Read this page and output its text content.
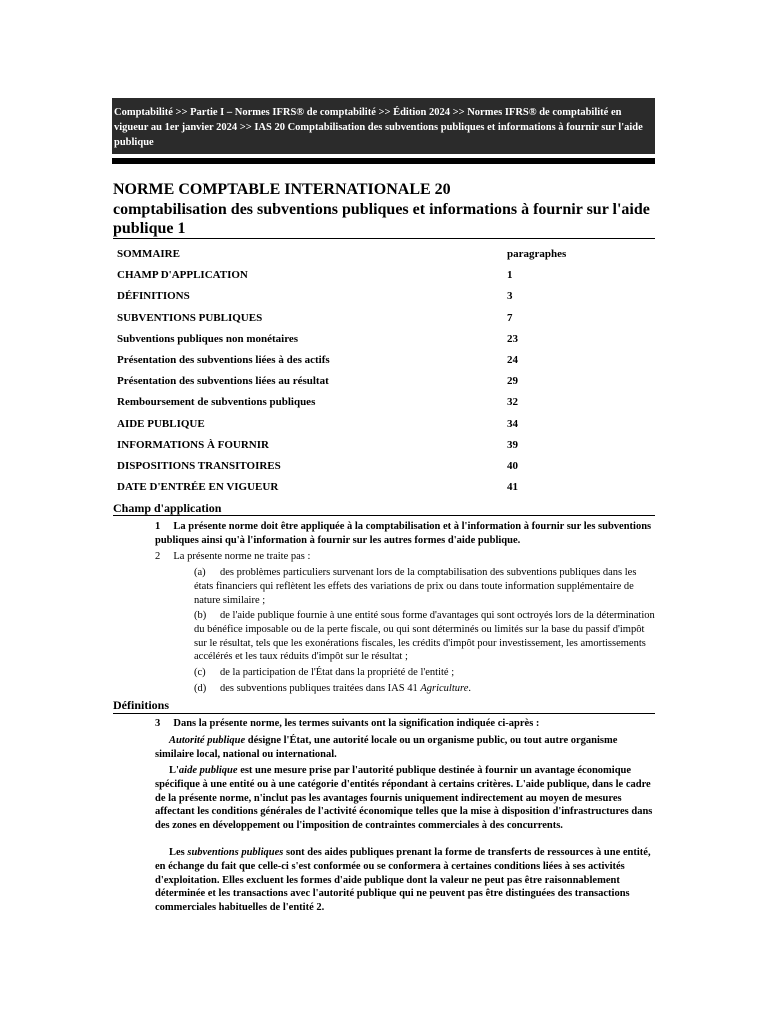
Comptabilité >> Partie I – Normes IFRS® de comptabilité >> Édition 2024 >> Normes IFRS® de comptabilité en vigueur au 1er janvier 2024 >> IAS 20 Comptabilisation des subventions publiques et informations à fournir sur l'aide publique
NORME COMPTABLE INTERNATIONALE 20
comptabilisation des subventions publiques et informations à fournir sur l'aide publique 1
SOMMAIRE	paragraphes
CHAMP D'APPLICATION	1
DÉFINITIONS	3
SUBVENTIONS PUBLIQUES	7
Subventions publiques non monétaires	23
Présentation des subventions liées à des actifs	24
Présentation des subventions liées au résultat	29
Remboursement de subventions publiques	32
AIDE PUBLIQUE	34
INFORMATIONS À FOURNIR	39
DISPOSITIONS TRANSITOIRES	40
DATE D'ENTRÉE EN VIGUEUR	41
Champ d'application
1 La présente norme doit être appliquée à la comptabilisation et à l'information à fournir sur les subventions publiques ainsi qu'à l'information à fournir sur les autres formes d'aide publique.
2 La présente norme ne traite pas :
(a) des problèmes particuliers survenant lors de la comptabilisation des subventions publiques dans les états financiers qui reflètent les effets des variations de prix ou dans toute information supplémentaire de nature similaire ;
(b) de l'aide publique fournie à une entité sous forme d'avantages qui sont octroyés lors de la détermination du bénéfice imposable ou de la perte fiscale, ou qui sont déterminés ou limités sur la base du passif d'impôt sur le résultat, tels que les exonérations fiscales, les crédits d'impôt pour investissement, les amortissements accélérés et les taux réduits d'impôt sur le résultat ;
(c) de la participation de l'État dans la propriété de l'entité ;
(d) des subventions publiques traitées dans IAS 41 Agriculture.
Définitions
3 Dans la présente norme, les termes suivants ont la signification indiquée ci-après :
Autorité publique désigne l'État, une autorité locale ou un organisme public, ou tout autre organisme similaire local, national ou international.
L'aide publique est une mesure prise par l'autorité publique destinée à fournir un avantage économique spécifique à une entité ou à une catégorie d'entités répondant à certains critères. L'aide publique, dans le cadre de la présente norme, n'inclut pas les avantages fournis uniquement indirectement au moyen de mesures affectant les conditions générales de l'activité économique telles que la mise à disposition d'infrastructures dans des zones en développement ou l'imposition de contraintes commerciales à des concurrents.
Les subventions publiques sont des aides publiques prenant la forme de transferts de ressources à une entité, en échange du fait que celle-ci s'est conformée ou se conformera à certaines conditions liées à ses activités d'exploitation. Elles excluent les formes d'aide publique dont la valeur ne peut pas être raisonnablement déterminée et les transactions avec l'autorité publique qui ne peuvent pas être distinguées des transactions commerciales habituelles de l'entité 2.
